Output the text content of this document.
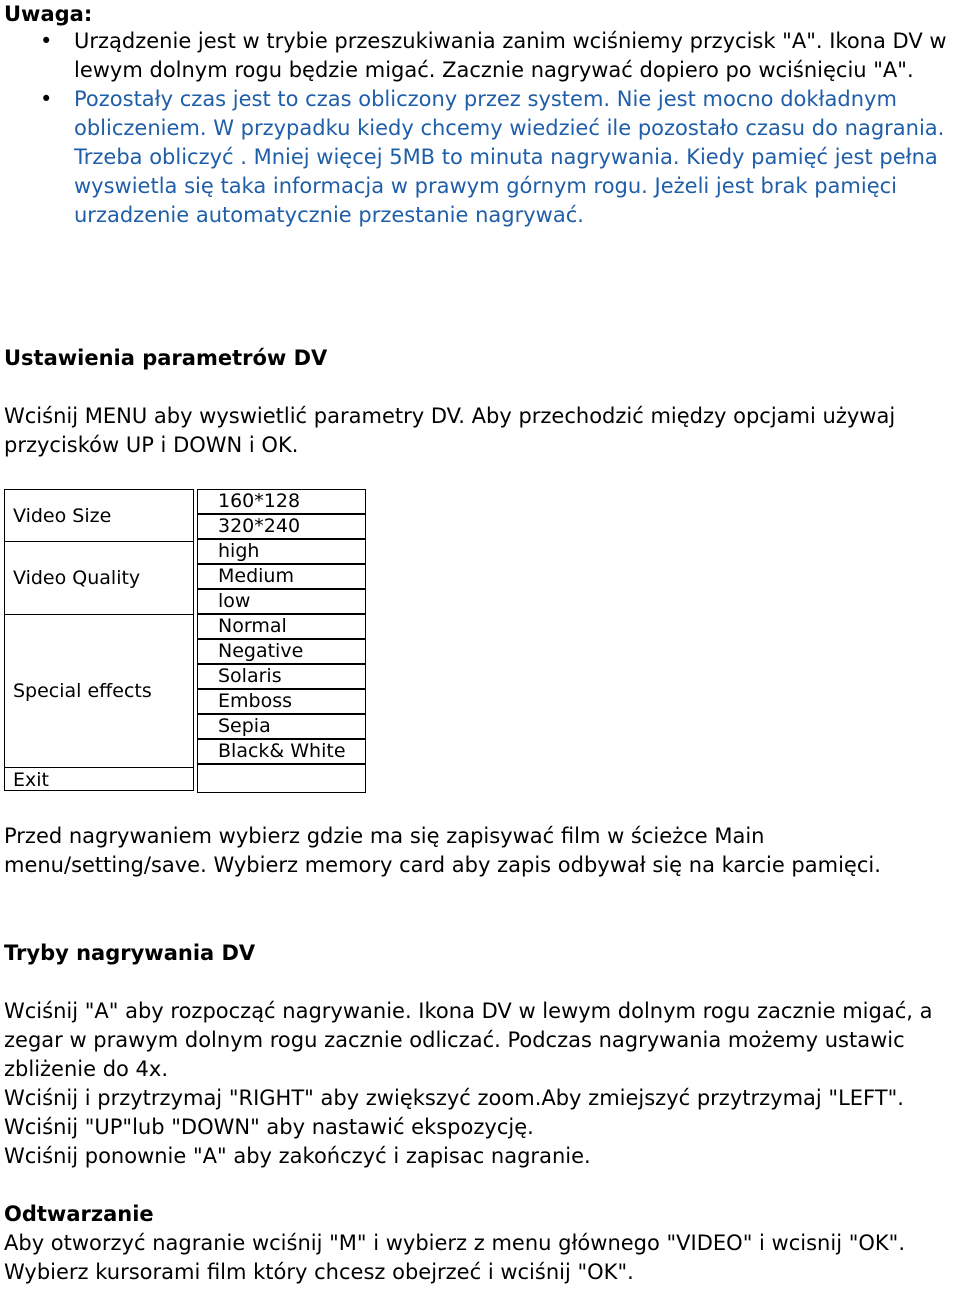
Uwaga:

• Urządzenie jest w trybie przeszukiwania zanim wciśniemy przycisk "A". Ikona DV w lewym dolnym rogu będzie migać. Zacznie nagrywać dopiero po wciśnięciu "A".
• Pozostały czas jest to czas obliczony przez system. Nie jest mocno dokładnym obliczeniem. W przypadku kiedy chcemy wiedzieć ile pozostało czasu do nagrania. Trzeba obliczyć . Mniej więcej 5MB to minuta nagrywania. Kiedy pamięć jest pełna wyswietla się taka informacja w prawym górnym rogu. Jeżeli jest brak pamięci urzadzenie automatycznie przestanie nagrywać.

Ustawienia parametrów DV

Wciśnij MENU aby wyswietlić parametry DV. Aby przechodzić między opcjami używaj przycisków UP i DOWN i OK.

Video Size
Video Quality
Special effects
Exit
160*128
320*240
high
Medium
low
Normal
Negative
Solaris
Emboss
Sepia
Black& White

Przed nagrywaniem wybierz gdzie ma się zapisywać film w ścieżce Main menu/setting/save. Wybierz memory card aby zapis odbywał się na karcie pamięci.

Tryby nagrywania DV

Wciśnij "A" aby rozpocząć nagrywanie. Ikona DV w lewym dolnym rogu zacznie migać, a zegar w prawym dolnym rogu zacznie odliczać. Podczas nagrywania możemy ustawic zbliżenie do 4x.

Wciśnij i przytrzymaj "RIGHT" aby zwiększyć zoom.Aby zmiejszyć przytrzymaj "LEFT". Wciśnij "UP"lub "DOWN" aby nastawić ekspozycję.

Wciśnij ponownie "A" aby zakończyć i zapisac nagranie.

Odtwarzanie

Aby otworzyć nagranie wciśnij "M" i wybierz z menu głównego "VIDEO" i wcisnij "OK". Wybierz kursorami film który chcesz obejrzeć i wciśnij "OK".
